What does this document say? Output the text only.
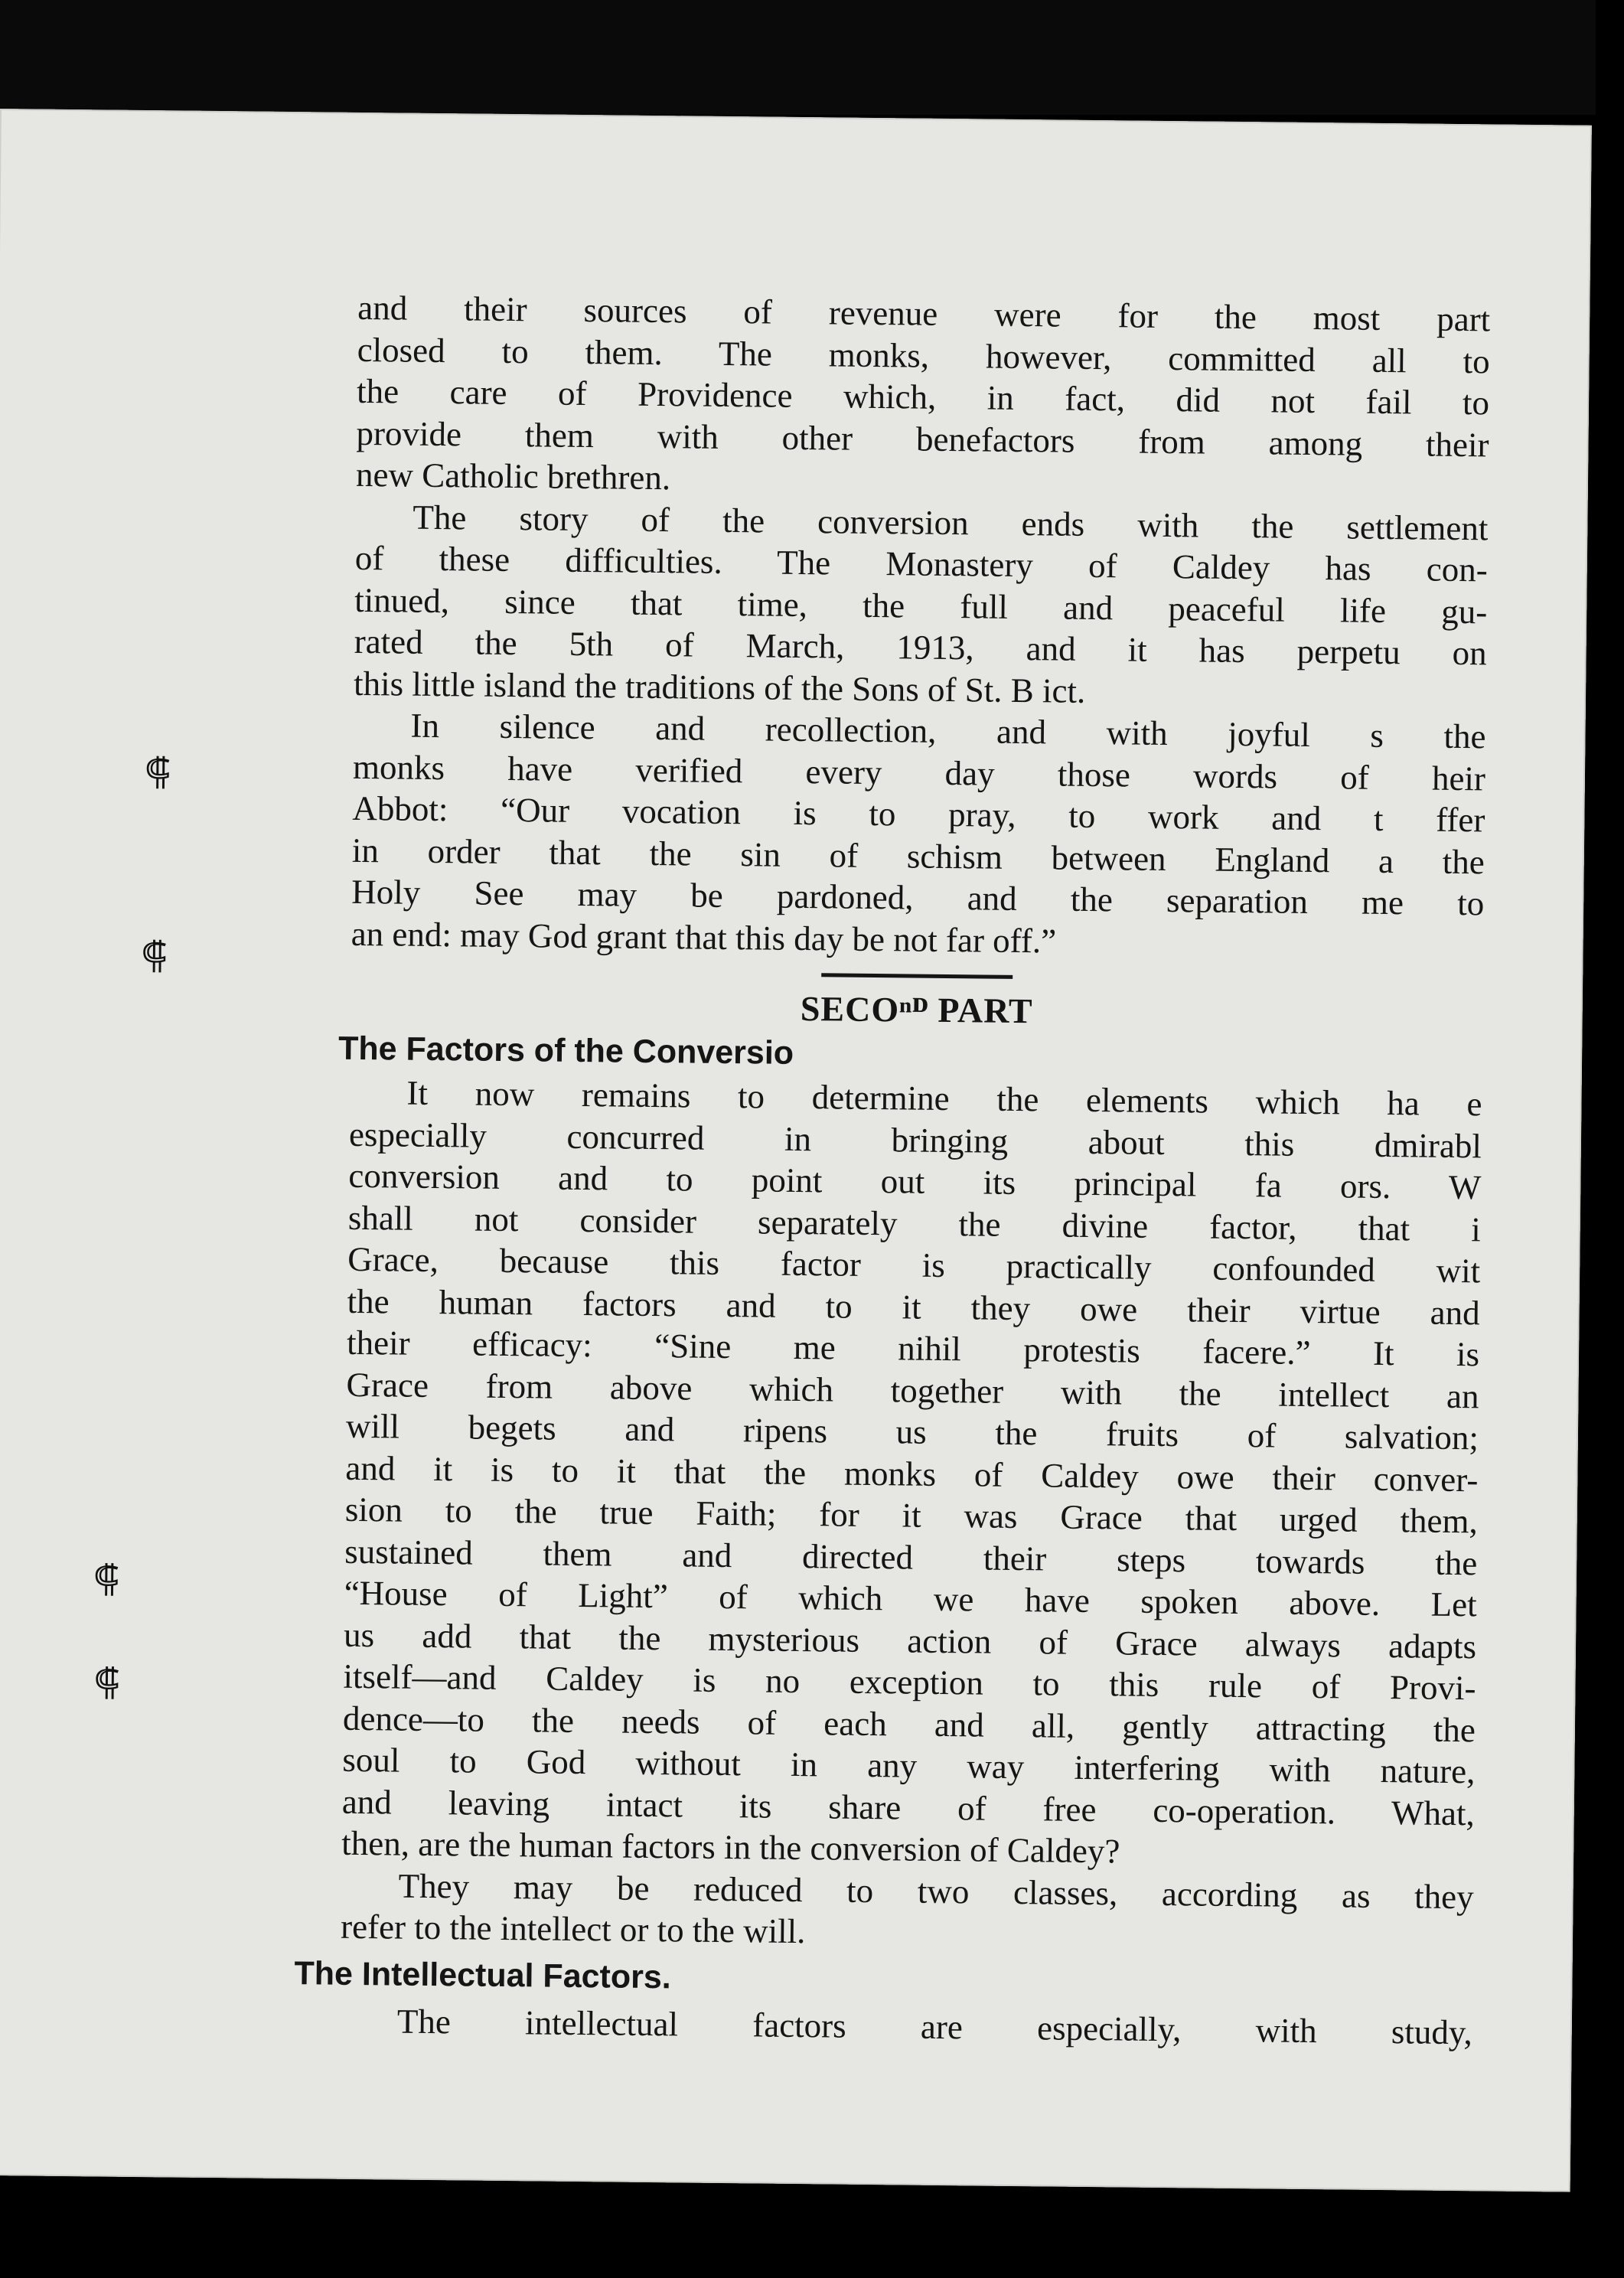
⸿
⸿
⸿
⸿

and their sources of revenue were for the most part
closed to them. The monks, however, committed all to
the care of Providence which, in fact, did not fail to
provide them with other benefactors from among their
new Catholic brethren.

The story of the conversion ends with the settlement
of these difficulties. The Monastery of Caldey has con-
tinued, since that time, the full and peaceful life gu-
rated the 5th of March, 1913, and it has perpetu on
this little island the traditions of the Sons of St. B ict.

In silence and recollection, and with joyful s the
monks have verified every day those words of heir
Abbot: “Our vocation is to pray, to work and t ffer
in order that the sin of schism between England a the
Holy See may be pardoned, and the separation me to
an end: may God grant that this day be not far off.”

SECOⁿᴰ PART
The Factors of the Conversio

It now remains to determine the elements which ha e
especially concurred in bringing about this dmirabl
conversion and to point out its principal fa ors. W
shall not consider separately the divine factor, that i
Grace, because this factor is practically confounded wit
the human factors and to it they owe their virtue and
their efficacy: “Sine me nihil protestis facere.” It is
Grace from above which together with the intellect an
will begets and ripens us the fruits of salvation;
and it is to it that the monks of Caldey owe their conver-
sion to the true Faith; for it was Grace that urged them,
sustained them and directed their steps towards the
“House of Light” of which we have spoken above. Let
us add that the mysterious action of Grace always adapts
itself—and Caldey is no exception to this rule of Provi-
dence—to the needs of each and all, gently attracting the
soul to God without in any way interfering with nature,
and leaving intact its share of free co-operation. What,
then, are the human factors in the conversion of Caldey?

They may be reduced to two classes, according as they
refer to the intellect or to the will.

The Intellectual Factors.

The intellectual factors are especially, with study,
